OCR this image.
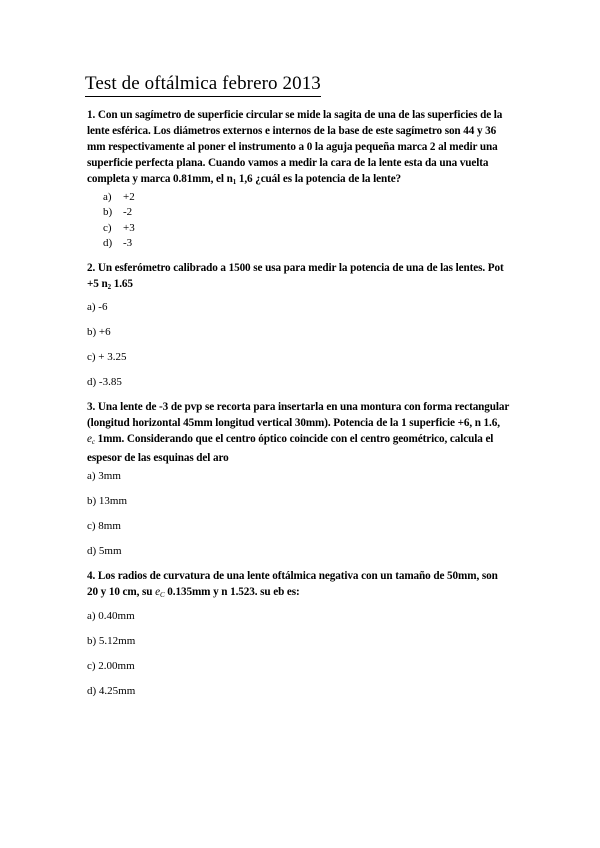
Test de oftálmica febrero 2013
1. Con un sagímetro de superficie circular se mide la sagita de una de las superficies de la
lente esférica. Los diámetros externos e internos de la base de este sagímetro son 44 y 36
mm respectivamente al poner el instrumento a 0 la aguja pequeña marca 2 al medir una
superficie perfecta plana. Cuando vamos a medir la cara de la lente esta da una vuelta
completa y marca 0.81mm, el $n_1$ 1,6 ¿cuál es la potencia de la lente?
a)	+2
b) -2
c)	+3
d) -3
2. Un esferómetro calibrado a 1500 se usa para medir la potencia de una de las lentes. Pot
+5 $n_2$ 1.65
a) -6
b) +6
c) + 3.25
d) -3.85
3. Una lente de -3 de pvp se recorta para insertarla en una montura con forma rectangular
(longitud horizontal 45mm longitud vertical 30mm). Potencia de la 1 superficie +6, n 1.6,
$e_c$ 1mm. Considerando que el centro óptico coincide con el centro geométrico, calcula el
espesor de las esquinas del aro
a) 3mm
b) 13mm
c) 8mm
d) 5mm
4. Los radios de curvatura de una lente oftálmica negativa con un tamaño de 50mm, son
20 y 10 cm, su $e_C$ 0.135mm y n 1.523. su eb es:
a) 0.40mm
b) 5.12mm
c) 2.00mm
d) 4.25mm
